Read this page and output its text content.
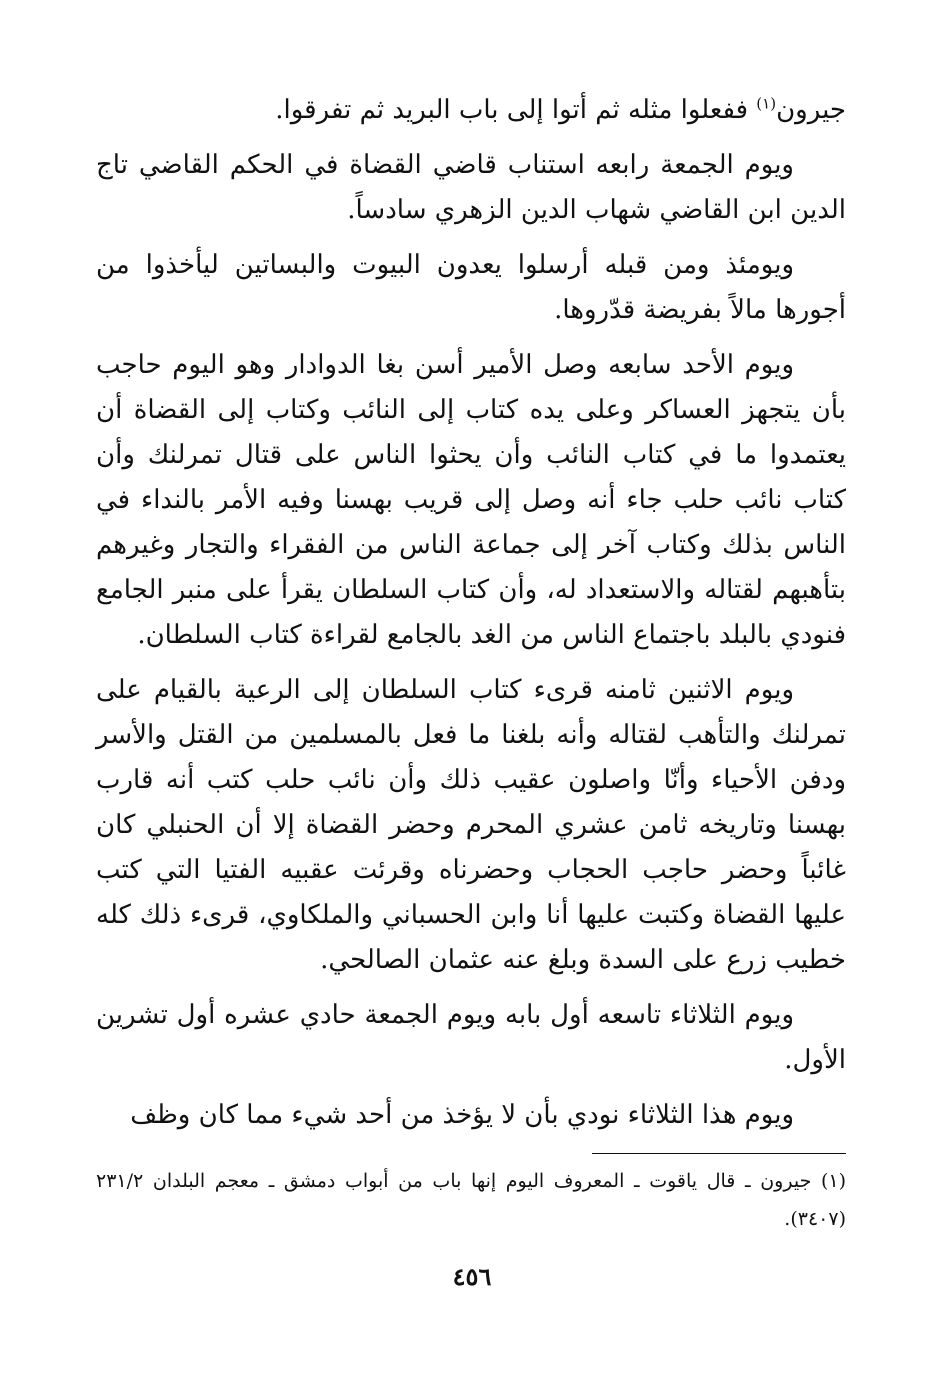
جيرون$^{(١)}$ ففعلوا مثله ثم أتوا إلى باب البريد ثم تفرقوا.

ويوم الجمعة رابعه استناب قاضي القضاة في الحكم القاضي تاج الدين ابن القاضي شهاب الدين الزهري سادساً.

ويومئذ ومن قبله أرسلوا يعدون البيوت والبساتين ليأخذوا من أجورها مالاً بفريضة قدّروها.

ويوم الأحد سابعه وصل الأمير أسن بغا الدوادار وهو اليوم حاجب بأن يتجهز العساكر وعلى يده كتاب إلى النائب وكتاب إلى القضاة أن يعتمدوا ما في كتاب النائب وأن يحثوا الناس على قتال تمرلنك وأن كتاب نائب حلب جاء أنه وصل إلى قريب بهسنا وفيه الأمر بالنداء في الناس بذلك وكتاب آخر إلى جماعة الناس من الفقراء والتجار وغيرهم بتأهبهم لقتاله والاستعداد له، وأن كتاب السلطان يقرأ على منبر الجامع فنودي بالبلد باجتماع الناس من الغد بالجامع لقراءة كتاب السلطان.

ويوم الاثنين ثامنه قرىء كتاب السلطان إلى الرعية بالقيام على تمرلنك والتأهب لقتاله وأنه بلغنا ما فعل بالمسلمين من القتل والأسر ودفن الأحياء وأنّا واصلون عقيب ذلك وأن نائب حلب كتب أنه قارب بهسنا وتاريخه ثامن عشري المحرم وحضر القضاة إلا أن الحنبلي كان غائباً وحضر حاجب الحجاب وحضرناه وقرئت عقبيه الفتيا التي كتب عليها القضاة وكتبت عليها أنا وابن الحسباني والملكاوي، قرىء ذلك كله خطيب زرع على السدة وبلغ عنه عثمان الصالحي.

ويوم الثلاثاء تاسعه أول بابه ويوم الجمعة حادي عشره أول تشرين الأول.

ويوم هذا الثلاثاء نودي بأن لا يؤخذ من أحد شيء مما كان وظف

(١) جيرون ـ قال ياقوت ـ المعروف اليوم إنها باب من أبواب دمشق ـ معجم البلدان ٢٣١/٢ (٣٤٠٧).
٤٥٦
